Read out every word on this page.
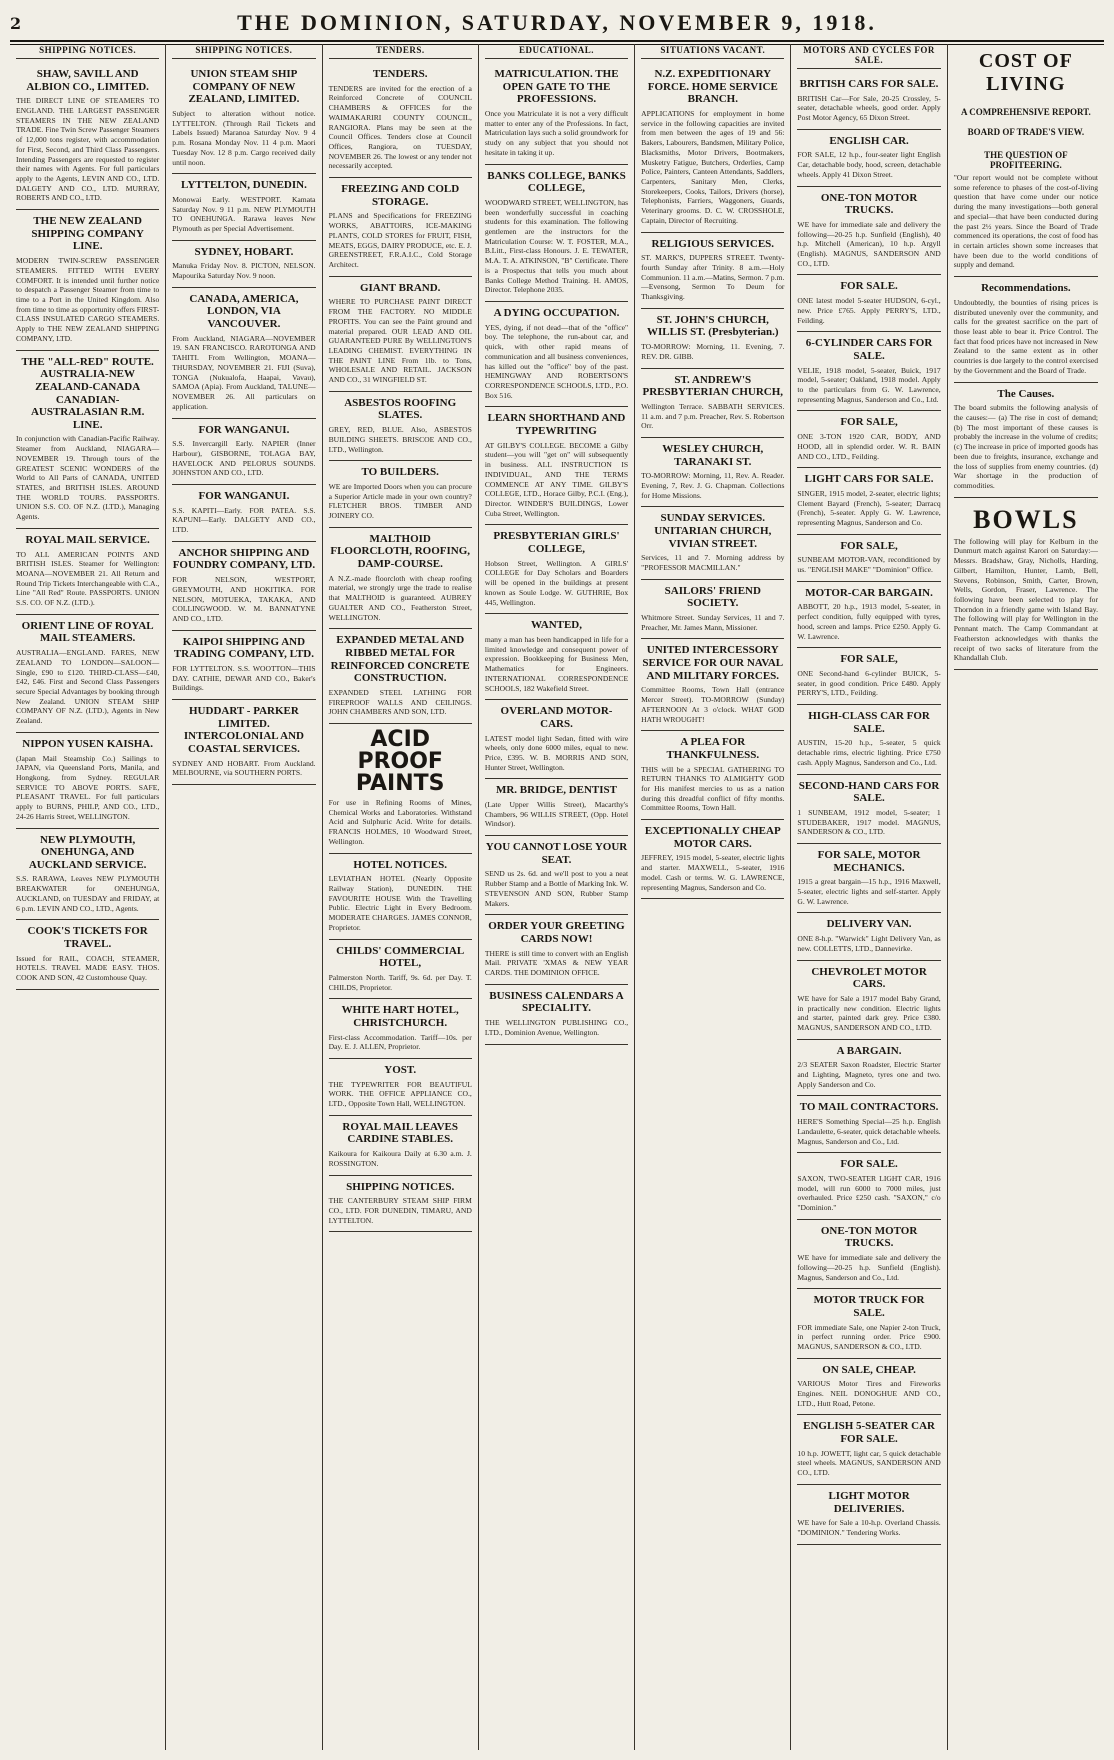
2	THE DOMINION, SATURDAY, NOVEMBER 9, 1918.
SHIPPING NOTICES.
SHAW, SAVILL AND ALBION CO., LIMITED.
THE DIRECT LINE OF STEAMERS TO ENGLAND. THE LARGEST PASSENGER STEAMERS IN THE NEW ZEALAND TRADE. Fine Twin Screw Passenger Steamers of 12,000 tons register, with accommodation for First, Second, and Third Class Passengers. Intending Passengers are requested to register their names with Agents. For full particulars apply to the Agents, LEVIN AND CO., LTD. DALGETY AND CO., LTD. MURRAY, ROBERTS AND CO., LTD.
THE NEW ZEALAND SHIPPING COMPANY LINE.
MODERN TWIN-SCREW PASSENGER STEAMERS. FITTED WITH EVERY COMFORT. It is intended until further notice to despatch a Passenger Steamer from time to time to a Port in the United Kingdom. Also from time to time as opportunity offers FIRST-CLASS INSULATED CARGO STEAMERS. Apply to THE NEW ZEALAND SHIPPING COMPANY, LTD.
THE "ALL-RED" ROUTE. AUSTRALIA-NEW ZEALAND-CANADA CANADIAN-AUSTRALASIAN R.M. LINE.
In conjunction with Canadian-Pacific Railway. Steamer from Auckland, NIAGARA—NOVEMBER 19. Through tours of the GREATEST SCENIC WONDERS of the World to All Parts of CANADA, UNITED STATES, and BRITISH ISLES. AROUND THE WORLD TOURS. PASSPORTS. UNION S.S. CO. OF N.Z. (LTD.), Managing Agents.
ROYAL MAIL SERVICE.
TO ALL AMERICAN POINTS AND BRITISH ISLES. Steamer for Wellington: MOANA—NOVEMBER 21. All Return and Round Trip Tickets Interchangeable with C.A., Line "All Red" Route. PASSPORTS. UNION S.S. CO. OF N.Z. (LTD.).
ORIENT LINE OF ROYAL MAIL STEAMERS.
AUSTRALIA—ENGLAND. FARES, NEW ZEALAND TO LONDON—SALOON—Single, £90 to £120. THIRD-CLASS—£40, £42, £46. First and Second Class Passengers secure Special Advantages by booking through New Zealand. UNION STEAM SHIP COMPANY OF N.Z. (LTD.), Agents in New Zealand.
NIPPON YUSEN KAISHA.
(Japan Mail Steamship Co.) Sailings to JAPAN, via Queensland Ports, Manila, and Hongkong, from Sydney. REGULAR SERVICE TO ABOVE PORTS. SAFE, PLEASANT TRAVEL. For full particulars apply to BURNS, PHILP, AND CO., LTD., 24-26 Harris Street, WELLINGTON.
NEW PLYMOUTH, ONEHUNGA, AND AUCKLAND SERVICE.
S.S. RARAWA, Leaves NEW PLYMOUTH BREAKWATER for ONEHUNGA, AUCKLAND, on TUESDAY and FRIDAY, at 6 p.m. LEVIN AND CO., LTD., Agents.
COOK'S TICKETS FOR TRAVEL.
Issued for RAIL, COACH, STEAMER, HOTELS. TRAVEL MADE EASY. THOS. COOK AND SON, 42 Customhouse Quay.
SHIPPING NOTICES.
UNION STEAM SHIP COMPANY OF NEW ZEALAND, LIMITED.
Subject to alteration without notice. LYTTELTON. (Through Rail Tickets and Labels Issued) Maranoa Saturday Nov. 9 4 p.m. Rosana Monday Nov. 11 4 p.m. Maori Tuesday Nov. 12 8 p.m. Cargo received daily until noon.
LYTTELTON, DUNEDIN.
Monowai Early. WESTPORT. Kamata Saturday Nov. 9 11 p.m. NEW PLYMOUTH TO ONEHUNGA. Rarawa leaves New Plymouth as per Special Advertisement.
SYDNEY, HOBART.
Manuka Friday Nov. 8. PICTON, NELSON. Mapourika Saturday Nov. 9 noon.
CANADA, AMERICA, LONDON, VIA VANCOUVER.
From Auckland, NIAGARA—NOVEMBER 19. SAN FRANCISCO. RAROTONGA AND TAHITI. From Wellington, MOANA—THURSDAY, NOVEMBER 21. FIJI (Suva), TONGA (Nukualofa, Haapai, Vavau), SAMOA (Apia). From Auckland, TALUNE—NOVEMBER 26. All particulars on application.
FOR WANGANUI.
S.S. Invercargill Early. NAPIER (Inner Harbour), GISBORNE, TOLAGA BAY, HAVELOCK AND PELORUS SOUNDS. JOHNSTON AND CO., LTD.
FOR WANGANUI.
S.S. KAPITI—Early. FOR PATEA. S.S. KAPUNI—Early. DALGETY AND CO., LTD.
ANCHOR SHIPPING AND FOUNDRY COMPANY, LTD.
FOR NELSON, WESTPORT, GREYMOUTH, AND HOKITIKA. FOR NELSON, MOTUEKA, TAKAKA, AND COLLINGWOOD. W. M. BANNATYNE AND CO., LTD.
KAIPOI SHIPPING AND TRADING COMPANY, LTD.
FOR LYTTELTON. S.S. WOOTTON—THIS DAY. CATHIE, DEWAR AND CO., Baker's Buildings.
HUDDART - PARKER LIMITED. INTERCOLONIAL AND COASTAL SERVICES.
SYDNEY AND HOBART. From Auckland. MELBOURNE, via SOUTHERN PORTS.
TENDERS.
TENDERS.
TENDERS are invited for the erection of a Reinforced Concrete of COUNCIL CHAMBERS & OFFICES for the WAIMAKARIRI COUNTY COUNCIL, RANGIORA. Plans may be seen at the Council Offices. Tenders close at Council Offices, Rangiora, on TUESDAY, NOVEMBER 26. The lowest or any tender not necessarily accepted.
FREEZING AND COLD STORAGE.
PLANS and Specifications for FREEZING WORKS, ABATTOIRS, ICE-MAKING PLANTS, COLD STORES for FRUIT, FISH, MEATS, EGGS, DAIRY PRODUCE, etc. E. J. GREENSTREET, F.R.A.I.C., Cold Storage Architect.
GIANT BRAND.
WHERE TO PURCHASE PAINT DIRECT FROM THE FACTORY. NO MIDDLE PROFITS. You can see the Paint ground and material prepared. OUR LEAD AND OIL GUARANTEED PURE By WELLINGTON'S LEADING CHEMIST. EVERYTHING IN THE PAINT LINE From 1lb. to Tons, WHOLESALE AND RETAIL. JACKSON AND CO., 31 WINGFIELD ST.
ASBESTOS ROOFING SLATES.
GREY, RED, BLUE. Also, ASBESTOS BUILDING SHEETS. BRISCOE AND CO., LTD., Wellington.
TO BUILDERS.
WE are Imported Doors when you can procure a Superior Article made in your own country? FLETCHER BROS. TIMBER AND JOINERY CO.
MALTHOID FLOORCLOTH, ROOFING, DAMP-COURSE.
A N.Z.-made floorcloth with cheap roofing material, we strongly urge the trade to realise that MALTHOID is guaranteed. AUBREY GUALTER AND CO., Featherston Street, WELLINGTON.
EXPANDED METAL AND RIBBED METAL FOR REINFORCED CONCRETE CONSTRUCTION.
EXPANDED STEEL LATHING FOR FIREPROOF WALLS AND CEILINGS. JOHN CHAMBERS AND SON, LTD.
ACID PROOF PAINTS
For use in Refining Rooms of Mines, Chemical Works and Laboratories. Withstand Acid and Sulphuric Acid. Write for details. FRANCIS HOLMES, 10 Woodward Street, Wellington.
HOTEL NOTICES.
LEVIATHAN HOTEL (Nearly Opposite Railway Station), DUNEDIN. THE FAVOURITE HOUSE With the Travelling Public. Electric Light in Every Bedroom. MODERATE CHARGES. JAMES CONNOR, Proprietor.
CHILDS' COMMERCIAL HOTEL,
Palmerston North. Tariff, 9s. 6d. per Day. T. CHILDS, Proprietor.
WHITE HART HOTEL, CHRISTCHURCH.
First-class Accommodation. Tariff—10s. per Day. E. J. ALLEN, Proprietor.
YOST.
THE TYPEWRITER FOR BEAUTIFUL WORK. THE OFFICE APPLIANCE CO., LTD., Opposite Town Hall, WELLINGTON.
ROYAL MAIL LEAVES CARDINE STABLES.
Kaikoura for Kaikoura Daily at 6.30 a.m. J. ROSSINGTON.
SHIPPING NOTICES.
THE CANTERBURY STEAM SHIP FIRM CO., LTD. FOR DUNEDIN, TIMARU, AND LYTTELTON.
EDUCATIONAL.
MATRICULATION. THE OPEN GATE TO THE PROFESSIONS.
Once you Matriculate it is not a very difficult matter to enter any of the Professions. In fact, Matriculation lays such a solid groundwork for study on any subject that you should not hesitate in taking it up.
BANKS COLLEGE, BANKS COLLEGE,
WOODWARD STREET, WELLINGTON, has been wonderfully successful in coaching students for this examination. The following gentlemen are the instructors for the Matriculation Course: W. T. FOSTER, M.A., B.Litt., First-class Honours. J. E. TEWATER, M.A. T. A. ATKINSON, "B" Certificate. There is a Prospectus that tells you much about Banks College Method Training. H. AMOS, Director. Telephone 2035.
A DYING OCCUPATION.
YES, dying, if not dead—that of the "office" boy. The telephone, the run-about car, and quick, with other rapid means of communication and all business conveniences, has killed out the "office" boy of the past. HEMINGWAY AND ROBERTSON'S CORRESPONDENCE SCHOOLS, LTD., P.O. Box 516.
LEARN SHORTHAND AND TYPEWRITING
AT GILBY'S COLLEGE. BECOME a Gilby student—you will "get on" will subsequently in business. ALL INSTRUCTION IS INDIVIDUAL, AND THE TERMS COMMENCE AT ANY TIME. GILBY'S COLLEGE, LTD., Horace Gilby, P.C.I. (Eng.), Director. WINDER'S BUILDINGS, Lower Cuba Street, Wellington.
PRESBYTERIAN GIRLS' COLLEGE,
Hobson Street, Wellington. A GIRLS' COLLEGE for Day Scholars and Boarders will be opened in the buildings at present known as Soule Lodge. W. GUTHRIE, Box 445, Wellington.
WANTED,
many a man has been handicapped in life for a limited knowledge and consequent power of expression. Bookkeeping for Business Men, Mathematics for Engineers. INTERNATIONAL CORRESPONDENCE SCHOOLS, 182 Wakefield Street.
OVERLAND MOTOR-CARS.
LATEST model light Sedan, fitted with wire wheels, only done 6000 miles, equal to new. Price, £395. W. B. MORRIS AND SON, Hunter Street, Wellington.
MR. BRIDGE, DENTIST
(Late Upper Willis Street), Macarthy's Chambers, 96 WILLIS STREET, (Opp. Hotel Windsor).
YOU CANNOT LOSE YOUR SEAT.
SEND us 2s. 6d. and we'll post to you a neat Rubber Stamp and a Bottle of Marking Ink. W. STEVENSON AND SON, Rubber Stamp Makers.
ORDER YOUR GREETING CARDS NOW!
THERE is still time to convert with an English Mail. PRIVATE 'XMAS & NEW YEAR CARDS. THE DOMINION OFFICE.
BUSINESS CALENDARS A SPECIALITY.
THE WELLINGTON PUBLISHING CO., LTD., Dominion Avenue, Wellington.
SITUATIONS VACANT.
N.Z. EXPEDITIONARY FORCE. HOME SERVICE BRANCH.
APPLICATIONS for employment in home service in the following capacities are invited from men between the ages of 19 and 56: Bakers, Labourers, Bandsmen, Military Police, Blacksmiths, Motor Drivers, Bootmakers, Musketry Fatigue, Butchers, Orderlies, Camp Police, Painters, Canteen Attendants, Saddlers, Carpenters, Sanitary Men, Clerks, Storekeepers, Cooks, Tailors, Drivers (horse), Telephonists, Farriers, Waggoners, Guards, Veterinary grooms. D. C. W. CROSSHOLE, Captain, Director of Recruiting.
RELIGIOUS SERVICES.
ST. MARK'S, DUPPERS STREET. Twenty-fourth Sunday after Trinity. 8 a.m.—Holy Communion. 11 a.m.—Matins, Sermon. 7 p.m.—Evensong, Sermon To Deum for Thanksgiving.
ST. JOHN'S CHURCH, WILLIS ST. (Presbyterian.)
TO-MORROW: Morning, 11. Evening, 7. REV. DR. GIBB.
ST. ANDREW'S PRESBYTERIAN CHURCH,
Wellington Terrace. SABBATH SERVICES. 11 a.m. and 7 p.m. Preacher, Rev. S. Robertson Orr.
WESLEY CHURCH, TARANAKI ST.
TO-MORROW: Morning, 11, Rev. A. Reader. Evening, 7, Rev. J. G. Chapman. Collections for Home Missions.
SUNDAY SERVICES. UNITARIAN CHURCH, VIVIAN STREET.
Services, 11 and 7. Morning address by "PROFESSOR MACMILLAN."
SAILORS' FRIEND SOCIETY.
Whitmore Street. Sunday Services, 11 and 7. Preacher, Mr. James Mann, Missioner.
UNITED INTERCESSORY SERVICE FOR OUR NAVAL AND MILITARY FORCES.
Committee Rooms, Town Hall (entrance Mercer Street). TO-MORROW (Sunday) AFTERNOON At 3 o'clock. WHAT GOD HATH WROUGHT!
A PLEA FOR THANKFULNESS.
THIS will be a SPECIAL GATHERING TO RETURN THANKS TO ALMIGHTY GOD for His manifest mercies to us as a nation during this dreadful conflict of fifty months. Committee Rooms, Town Hall.
EXCEPTIONALLY CHEAP MOTOR CARS.
JEFFREY, 1915 model, 5-seater, electric lights and starter. MAXWELL, 5-seater, 1916 model. Cash or terms. W. G. LAWRENCE, representing Magnus, Sanderson and Co.
MOTORS AND CYCLES FOR SALE.
BRITISH CARS FOR SALE.
BRITISH Car—For Sale, 20-25 Crossley, 5-seater, detachable wheels, good order. Apply Post Motor Agency, 65 Dixon Street.
ENGLISH CAR.
FOR SALE, 12 h.p., four-seater light English Car, detachable body, hood, screen, detachable wheels. Apply 41 Dixon Street.
ONE-TON MOTOR TRUCKS.
WE have for immediate sale and delivery the following—20-25 h.p. Sunfield (English), 40 h.p. Mitchell (American), 10 h.p. Argyll (English). MAGNUS, SANDERSON AND CO., LTD.
FOR SALE.
ONE latest model 5-seater HUDSON, 6-cyl., new. Price £765. Apply PERRY'S, LTD., Feilding.
6-CYLINDER CARS FOR SALE.
VELIE, 1918 model, 5-seater, Buick, 1917 model, 5-seater; Oakland, 1918 model. Apply to the particulars from G. W. Lawrence, representing Magnus, Sanderson and Co., Ltd.
FOR SALE,
ONE 3-TON 1920 CAR, BODY, AND HOOD, all in splendid order. W. R. BAIN AND CO., LTD., Feilding.
LIGHT CARS FOR SALE.
SINGER, 1915 model, 2-seater, electric lights; Clement Bayard (French), 5-seater; Darracq (French), 5-seater. Apply G. W. Lawrence, representing Magnus, Sanderson and Co.
FOR SALE,
SUNBEAM MOTOR-VAN, reconditioned by us. "ENGLISH MAKE" "Dominion" Office.
MOTOR-CAR BARGAIN.
ABBOTT, 20 h.p., 1913 model, 5-seater, in perfect condition, fully equipped with tyres, hood, screen and lamps. Price £250. Apply G. W. Lawrence.
FOR SALE,
ONE Second-hand 6-cylinder BUICK, 5-seater, in good condition. Price £480. Apply PERRY'S, LTD., Feilding.
HIGH-CLASS CAR FOR SALE.
AUSTIN, 15-20 h.p., 5-seater, 5 quick detachable rims, electric lighting. Price £750 cash. Apply Magnus, Sanderson and Co., Ltd.
SECOND-HAND CARS FOR SALE.
1 SUNBEAM, 1912 model, 5-seater; 1 STUDEBAKER, 1917 model. MAGNUS, SANDERSON & CO., LTD.
FOR SALE, MOTOR MECHANICS.
1915 a great bargain—15 h.p., 1916 Maxwell, 5-seater, electric lights and self-starter. Apply G. W. Lawrence.
DELIVERY VAN.
ONE 8-h.p. "Warwick" Light Delivery Van, as new. COLLETTS, LTD., Dannevirke.
CHEVROLET MOTOR CARS.
WE have for Sale a 1917 model Baby Grand, in practically new condition. Electric lights and starter, painted dark grey. Price £380. MAGNUS, SANDERSON AND CO., LTD.
A BARGAIN.
2/3 SEATER Saxon Roadster, Electric Starter and Lighting, Magneto, tyres one and two. Apply Sanderson and Co.
TO MAIL CONTRACTORS.
HERE'S Something Special—25 h.p. English Landaulette, 6-seater, quick detachable wheels. Magnus, Sanderson and Co., Ltd.
FOR SALE.
SAXON, TWO-SEATER LIGHT CAR, 1916 model, will run 6000 to 7000 miles, just overhauled. Price £250 cash. "SAXON," c/o "Dominion."
ONE-TON MOTOR TRUCKS.
WE have for immediate sale and delivery the following—20-25 h.p. Sunfield (English). Magnus, Sanderson and Co., Ltd.
MOTOR TRUCK FOR SALE.
FOR immediate Sale, one Napier 2-ton Truck, in perfect running order. Price £900. MAGNUS, SANDERSON & CO., LTD.
ON SALE, CHEAP.
VARIOUS Motor Tires and Fireworks Engines. NEIL DONOGHUE AND CO., LTD., Hutt Road, Petone.
ENGLISH 5-SEATER CAR FOR SALE.
10 h.p. JOWETT, light car, 5 quick detachable steel wheels. MAGNUS, SANDERSON AND CO., LTD.
LIGHT MOTOR DELIVERIES.
WE have for Sale a 10-h.p. Overland Chassis. "DOMINION." Tendering Works.
COST OF LIVING
A COMPREHENSIVE REPORT.
BOARD OF TRADE'S VIEW.
THE QUESTION OF PROFITEERING.
"Our report would not be complete without some reference to phases of the cost-of-living question that have come under our notice during the many investigations—both general and special—that have been conducted during the past 2½ years. Since the Board of Trade commenced its operations, the cost of food has in certain articles shown some increases that have been due to the world conditions of supply and demand.
Recommendations.
Undoubtedly, the bounties of rising prices is distributed unevenly over the community, and calls for the greatest sacrifice on the part of those least able to bear it. Price Control. The fact that food prices have not increased in New Zealand to the same extent as in other countries is due largely to the control exercised by the Government and the Board of Trade.
The Causes.
The board submits the following analysis of the causes:— (a) The rise in cost of demand; (b) The most important of these causes is probably the increase in the volume of credits; (c) The increase in price of imported goods has been due to freights, insurance, exchange and the loss of supplies from enemy countries. (d) War shortage in the production of commodities.
BOWLS
The following will play for Kelburn in the Dunmurt match against Karori on Saturday:—Messrs. Bradshaw, Gray, Nicholls, Harding, Gilbert, Hamilton, Hunter, Lamb, Bell, Stevens, Robinson, Smith, Carter, Brown, Wells, Gordon, Fraser, Lawrence. The following have been selected to play for Thorndon in a friendly game with Island Bay. The following will play for Wellington in the Pennant match. The Camp Commandant at Featherston acknowledges with thanks the receipt of two sacks of literature from the Khandallah Club.
